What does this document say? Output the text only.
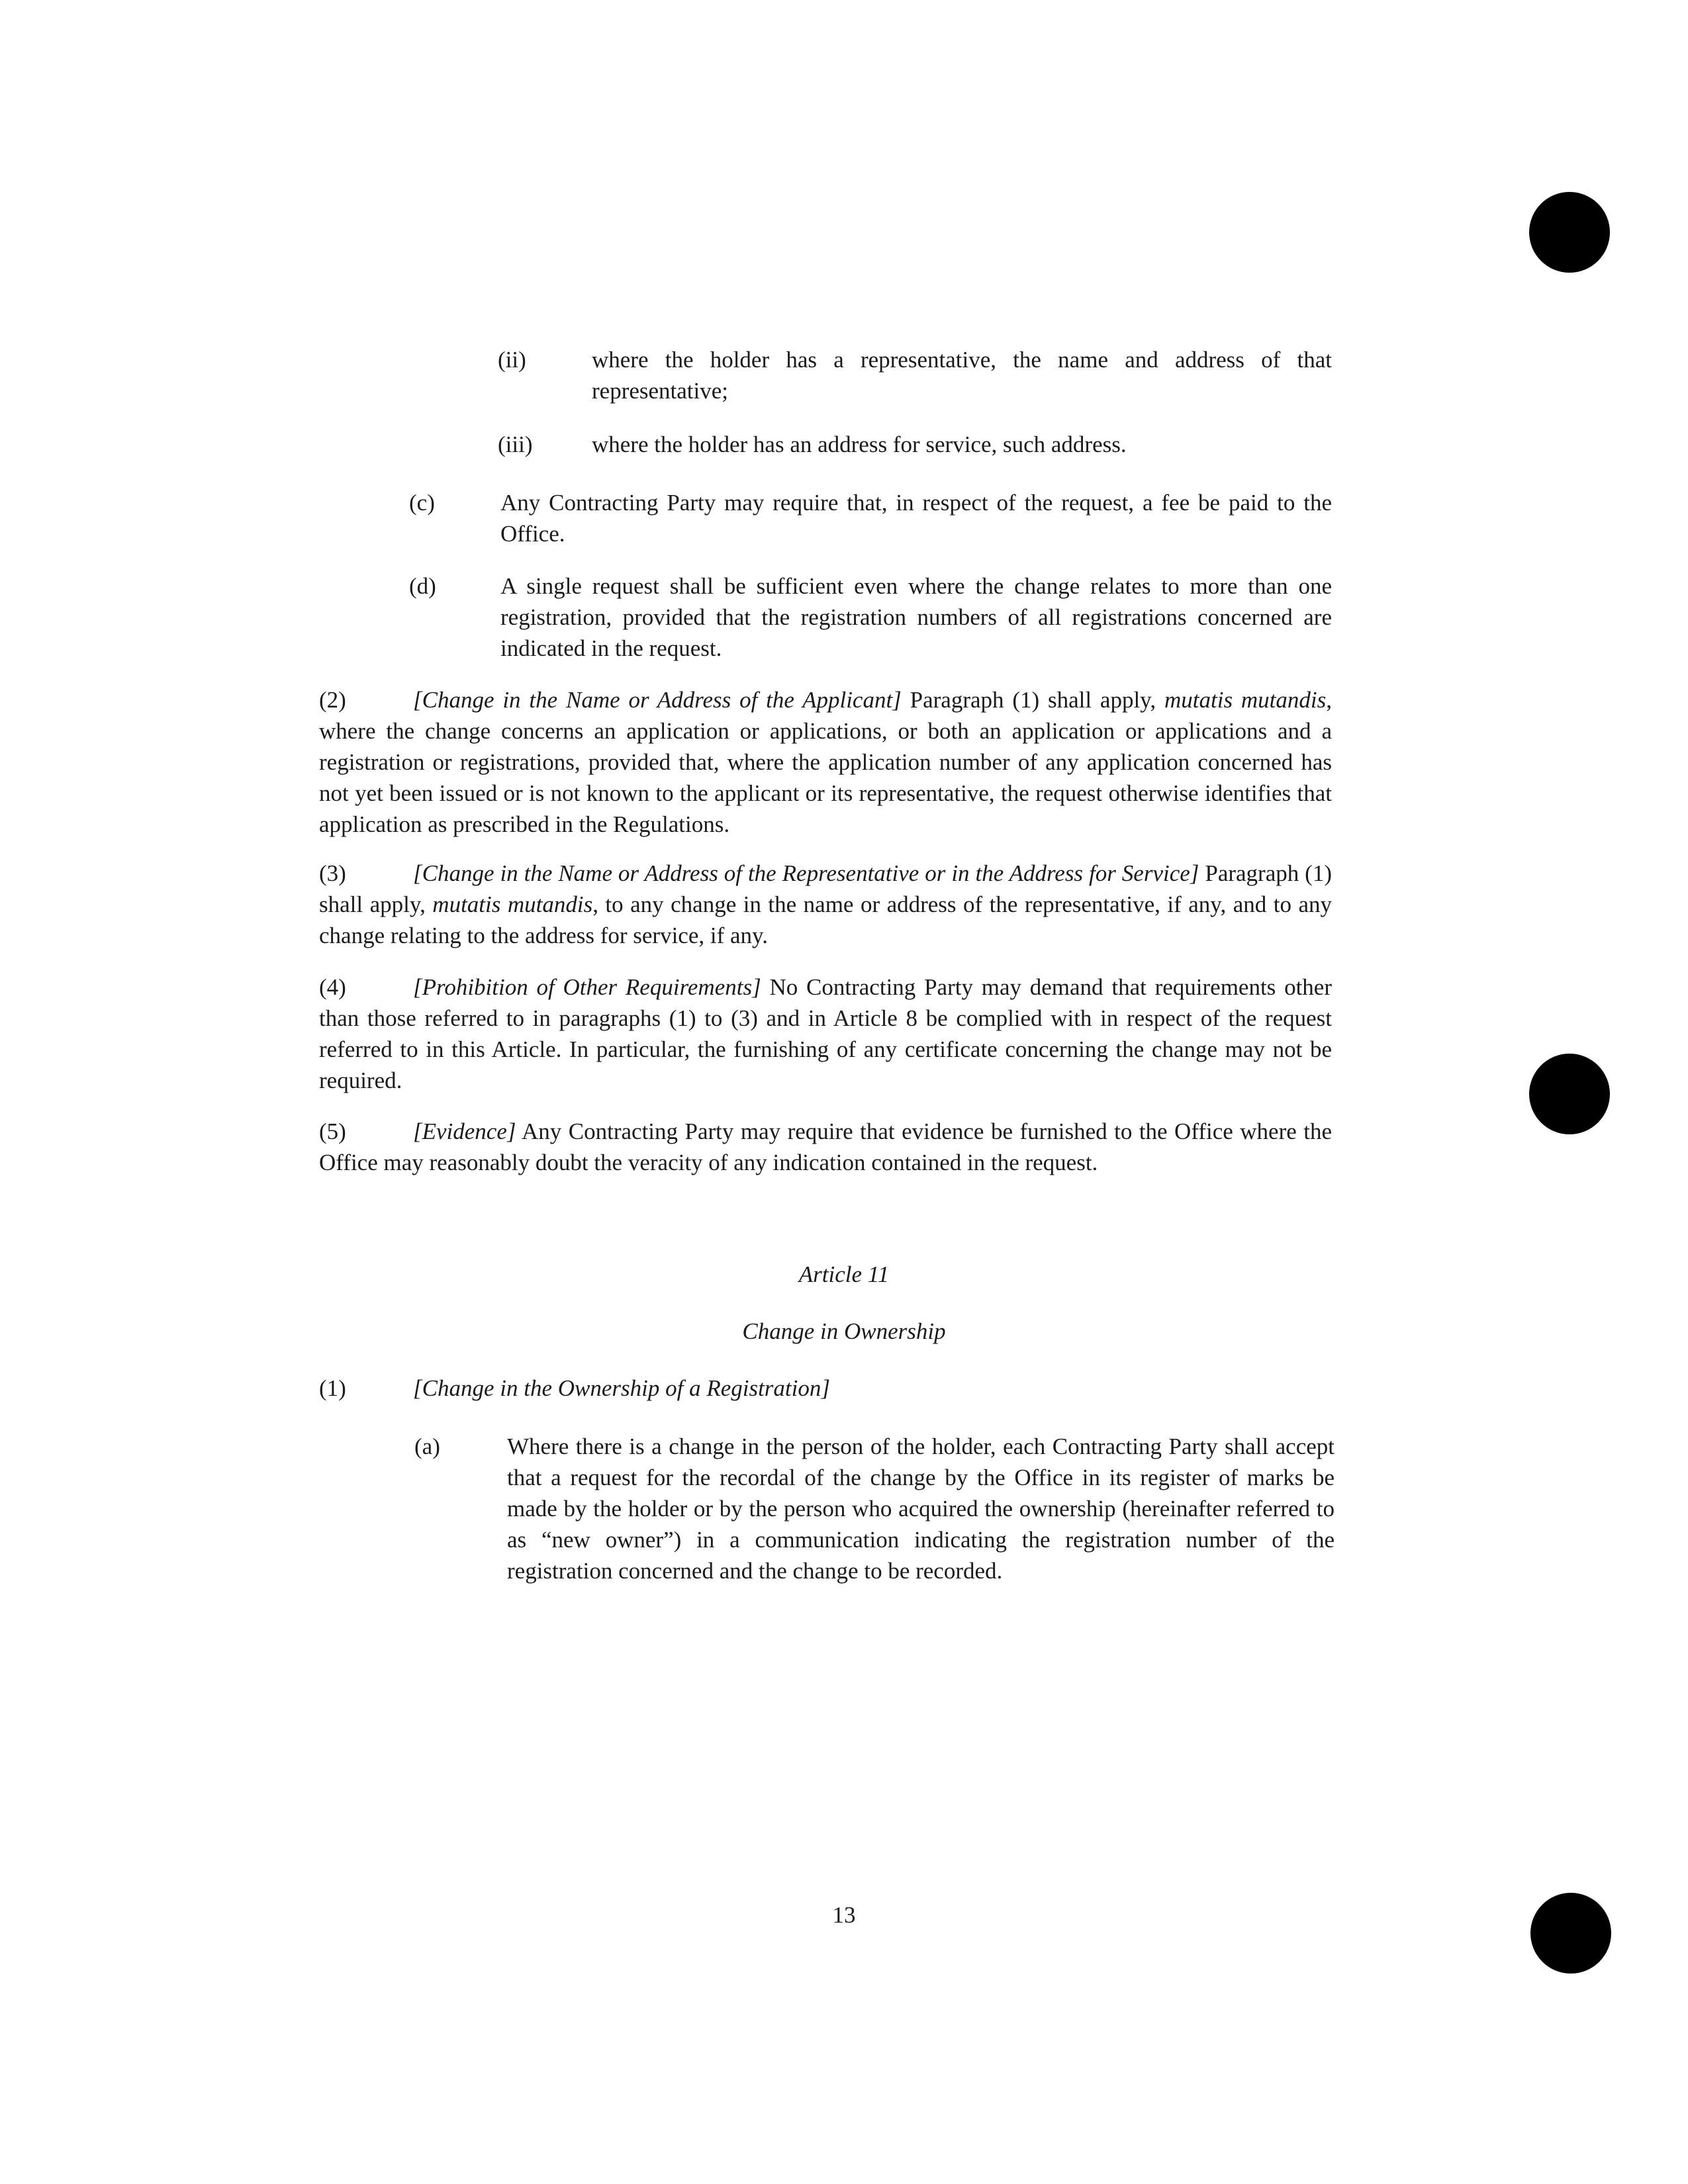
(ii)	where the holder has a representative, the name and address of that representative;
(iii)	where the holder has an address for service, such address.
(c)	Any Contracting Party may require that, in respect of the request, a fee be paid to the Office.
(d)	A single request shall be sufficient even where the change relates to more than one registration, provided that the registration numbers of all registrations concerned are indicated in the request.
(2)	[Change in the Name or Address of the Applicant] Paragraph (1) shall apply, mutatis mutandis, where the change concerns an application or applications, or both an application or applications and a registration or registrations, provided that, where the application number of any application concerned has not yet been issued or is not known to the applicant or its representative, the request otherwise identifies that application as prescribed in the Regulations.
(3)	[Change in the Name or Address of the Representative or in the Address for Service] Paragraph (1) shall apply, mutatis mutandis, to any change in the name or address of the representative, if any, and to any change relating to the address for service, if any.
(4)	[Prohibition of Other Requirements] No Contracting Party may demand that requirements other than those referred to in paragraphs (1) to (3) and in Article 8 be complied with in respect of the request referred to in this Article. In particular, the furnishing of any certificate concerning the change may not be required.
(5)	[Evidence] Any Contracting Party may require that evidence be furnished to the Office where the Office may reasonably doubt the veracity of any indication contained in the request.
Article 11
Change in Ownership
(1)	[Change in the Ownership of a Registration]
(a)	Where there is a change in the person of the holder, each Contracting Party shall accept that a request for the recordal of the change by the Office in its register of marks be made by the holder or by the person who acquired the ownership (hereinafter referred to as “new owner”) in a communication indicating the registration number of the registration concerned and the change to be recorded.
13
